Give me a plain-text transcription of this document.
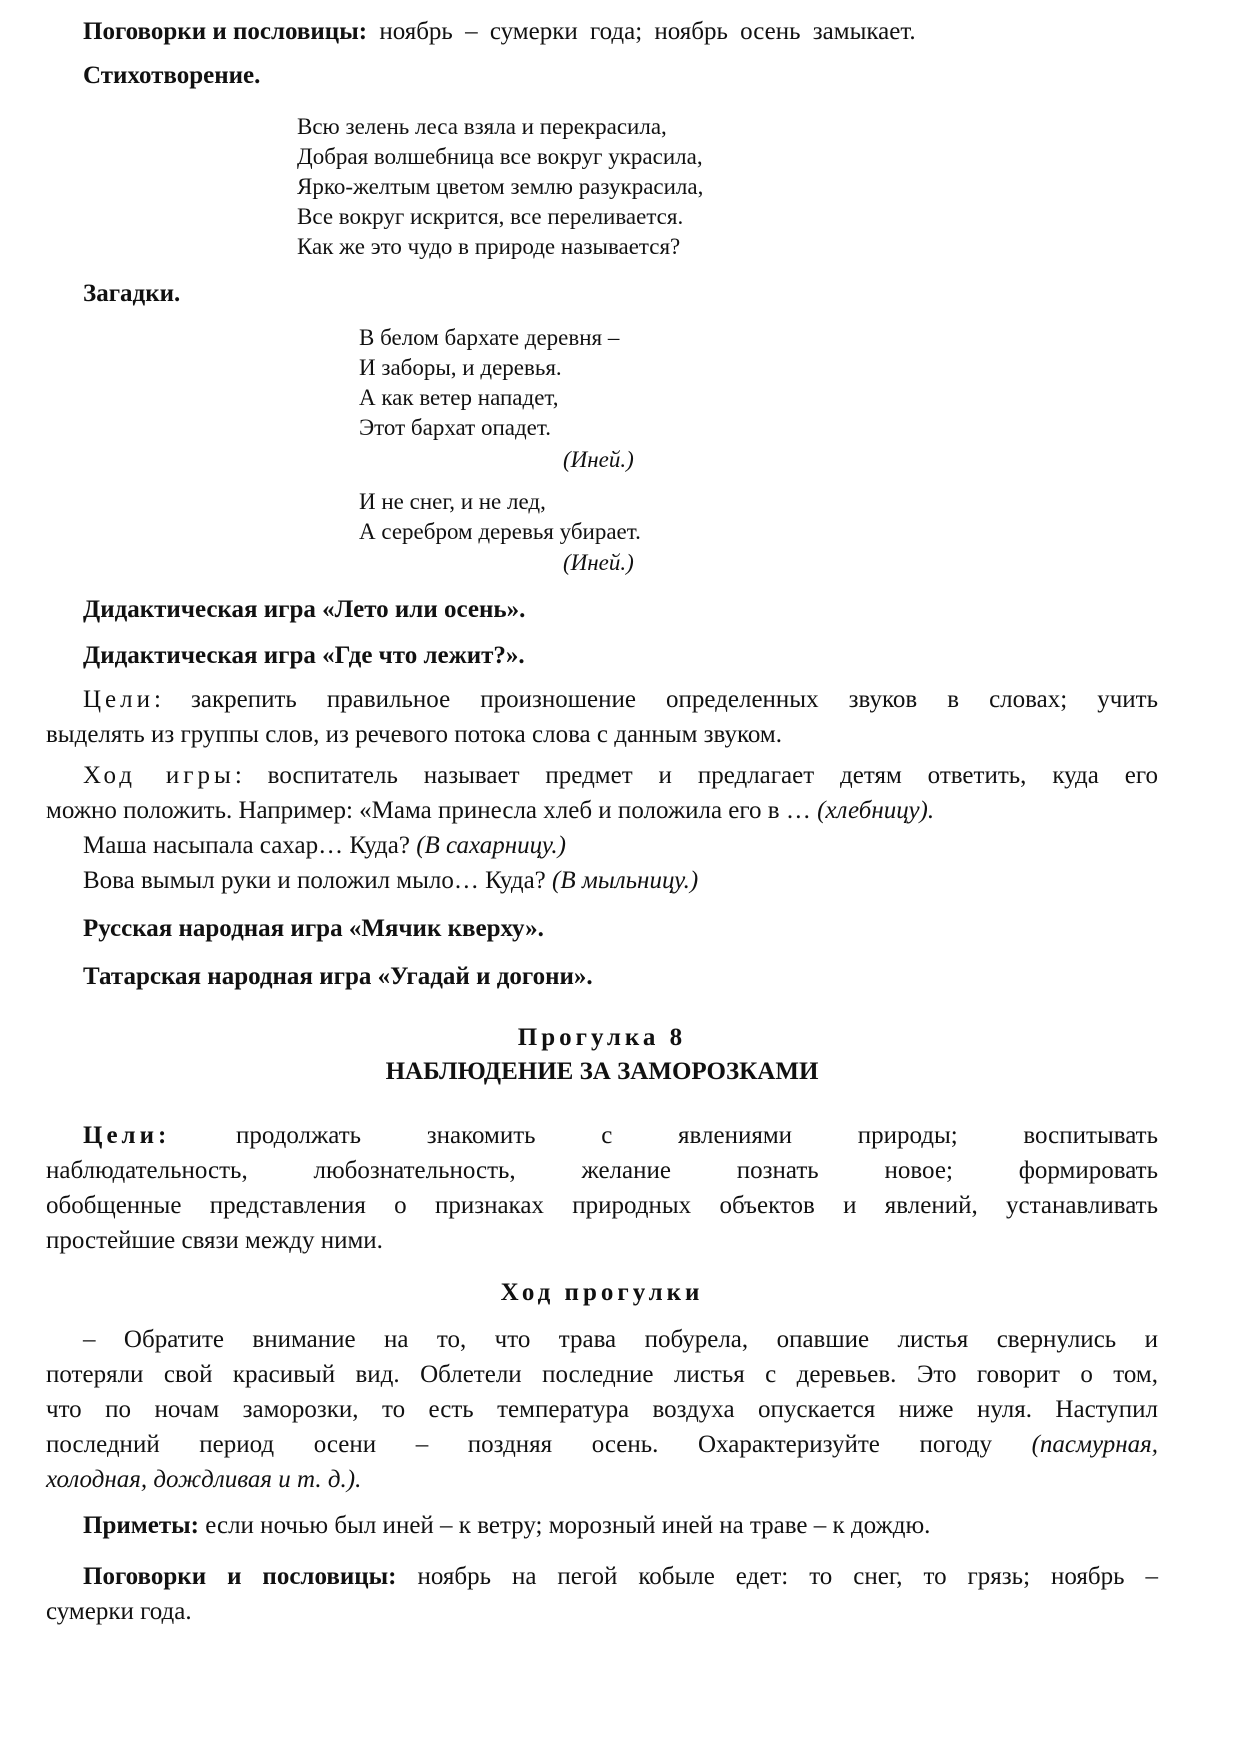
Поговорки и пословицы: ноябрь – сумерки года; ноябрь осень замыкает.

Стихотворение.

Всю зелень леса взяла и перекрасила,
Добрая волшебница все вокруг украсила,
Ярко-желтым цветом землю разукрасила,
Все вокруг искрится, все переливается.
Как же это чудо в природе называется?

Загадки.

В белом бархате деревня –
И заборы, и деревья.
А как ветер нападет,
Этот бархат опадет.

(Иней.)

И не снег, и не лед,
А серебром деревья убирает.

(Иней.)

Дидактическая игра «Лето или осень».

Дидактическая игра «Где что лежит?».

Цели: закрепить правильное произношение определенных звуков в словах; учить
выделять из группы слов, из речевого потока слова с данным звуком.
Ход игры: воспитатель называет предмет и предлагает детям ответить, куда его
можно положить. Например: «Мама принесла хлеб и положила его в … (хлебницу).
Маша насыпала сахар… Куда? (В сахарницу.)
Вова вымыл руки и положил мыло… Куда? (В мыльницу.)

Русская народная игра «Мячик кверху».

Татарская народная игра «Угадай и догони».

Прогулка 8

НАБЛЮДЕНИЕ ЗА ЗАМОРОЗКАМИ

Цели: продолжать знакомить с явлениями природы; воспитывать
наблюдательность, любознательность, желание познать новое; формировать
обобщенные представления о признаках природных объектов и явлений, устанавливать
простейшие связи между ними.

Ход прогулки

– Обратите внимание на то, что трава побурела, опавшие листья свернулись и
потеряли свой красивый вид. Облетели последние листья с деревьев. Это говорит о том,
что по ночам заморозки, то есть температура воздуха опускается ниже нуля. Наступил
последний период осени – поздняя осень. Охарактеризуйте погоду (пасмурная,
холодная, дождливая и т. д.).

Приметы: если ночью был иней – к ветру; морозный иней на траве – к дождю.

Поговорки и пословицы: ноябрь на пегой кобыле едет: то снег, то грязь; ноябрь –
сумерки года.
